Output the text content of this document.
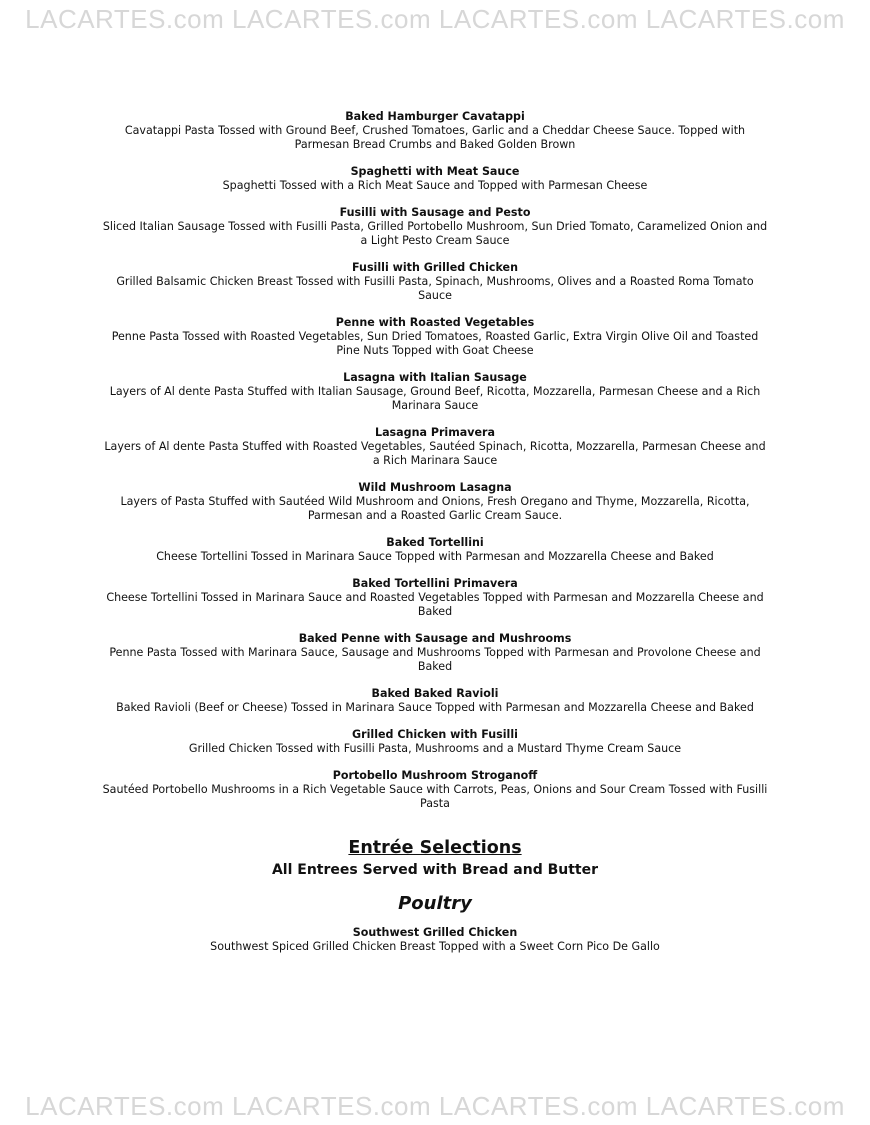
LACARTES.com LACARTES.com LACARTES.com LACARTES.com
Baked Hamburger Cavatappi
Cavatappi Pasta Tossed with Ground Beef, Crushed Tomatoes, Garlic and a Cheddar Cheese Sauce. Topped with Parmesan Bread Crumbs and Baked Golden Brown
Spaghetti with Meat Sauce
Spaghetti Tossed with a Rich Meat Sauce and Topped with Parmesan Cheese
Fusilli with Sausage and Pesto
Sliced Italian Sausage Tossed with Fusilli Pasta, Grilled Portobello Mushroom, Sun Dried Tomato, Caramelized Onion and a Light Pesto Cream Sauce
Fusilli with Grilled Chicken
Grilled Balsamic Chicken Breast Tossed with Fusilli Pasta, Spinach, Mushrooms, Olives and a Roasted Roma Tomato Sauce
Penne with Roasted Vegetables
Penne Pasta Tossed with Roasted Vegetables, Sun Dried Tomatoes, Roasted Garlic, Extra Virgin Olive Oil and Toasted Pine Nuts Topped with Goat Cheese
Lasagna with Italian Sausage
Layers of Al dente Pasta Stuffed with Italian Sausage, Ground Beef, Ricotta, Mozzarella, Parmesan Cheese and a Rich Marinara Sauce
Lasagna Primavera
Layers of Al dente Pasta Stuffed with Roasted Vegetables, Sautéed Spinach, Ricotta, Mozzarella, Parmesan Cheese and a Rich Marinara Sauce
Wild Mushroom Lasagna
Layers of Pasta Stuffed with Sautéed Wild Mushroom and Onions, Fresh Oregano and Thyme, Mozzarella, Ricotta, Parmesan and a Roasted Garlic Cream Sauce.
Baked Tortellini
Cheese Tortellini Tossed in Marinara Sauce Topped with Parmesan and Mozzarella Cheese and Baked
Baked Tortellini Primavera
Cheese Tortellini Tossed in Marinara Sauce and Roasted Vegetables Topped with Parmesan and Mozzarella Cheese and Baked
Baked Penne with Sausage and Mushrooms
Penne Pasta Tossed with Marinara Sauce, Sausage and Mushrooms Topped with Parmesan and Provolone Cheese and Baked
Baked Baked Ravioli
Baked Ravioli (Beef or Cheese) Tossed in Marinara Sauce Topped with Parmesan and Mozzarella Cheese and Baked
Grilled Chicken with Fusilli
Grilled Chicken Tossed with Fusilli Pasta, Mushrooms and a Mustard Thyme Cream Sauce
Portobello Mushroom Stroganoff
Sautéed Portobello Mushrooms in a Rich Vegetable Sauce with Carrots, Peas, Onions and Sour Cream Tossed with Fusilli Pasta
Entrée Selections
All Entrees Served with Bread and Butter
Poultry
Southwest Grilled Chicken
Southwest Spiced Grilled Chicken Breast Topped with a Sweet Corn Pico De Gallo
LACARTES.com LACARTES.com LACARTES.com LACARTES.com
